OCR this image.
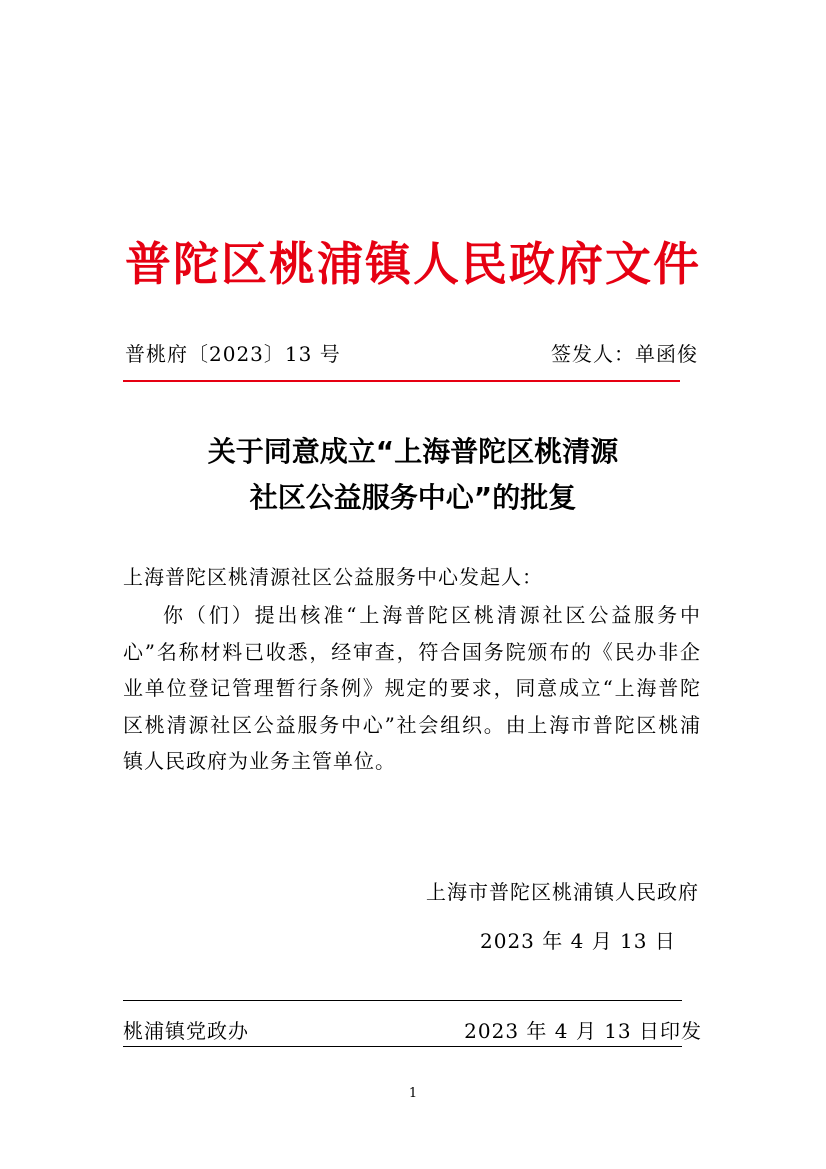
普陀区桃浦镇人民政府文件
普桃府〔2023〕13 号	签发人：单函俊
关于同意成立“上海普陀区桃清源
社区公益服务中心”的批复
上海普陀区桃清源社区公益服务中心发起人：

你（们）提出核准“上海普陀区桃清源社区公益服务中心”名称材料已收悉，经审查，符合国务院颁布的《民办非企业单位登记管理暂行条例》规定的要求，同意成立“上海普陀区桃清源社区公益服务中心”社会组织。由上海市普陀区桃浦镇人民政府为业务主管单位。

上海市普陀区桃浦镇人民政府
2023 年 4 月 13 日
桃浦镇党政办	2023 年 4 月 13 日印发
1
